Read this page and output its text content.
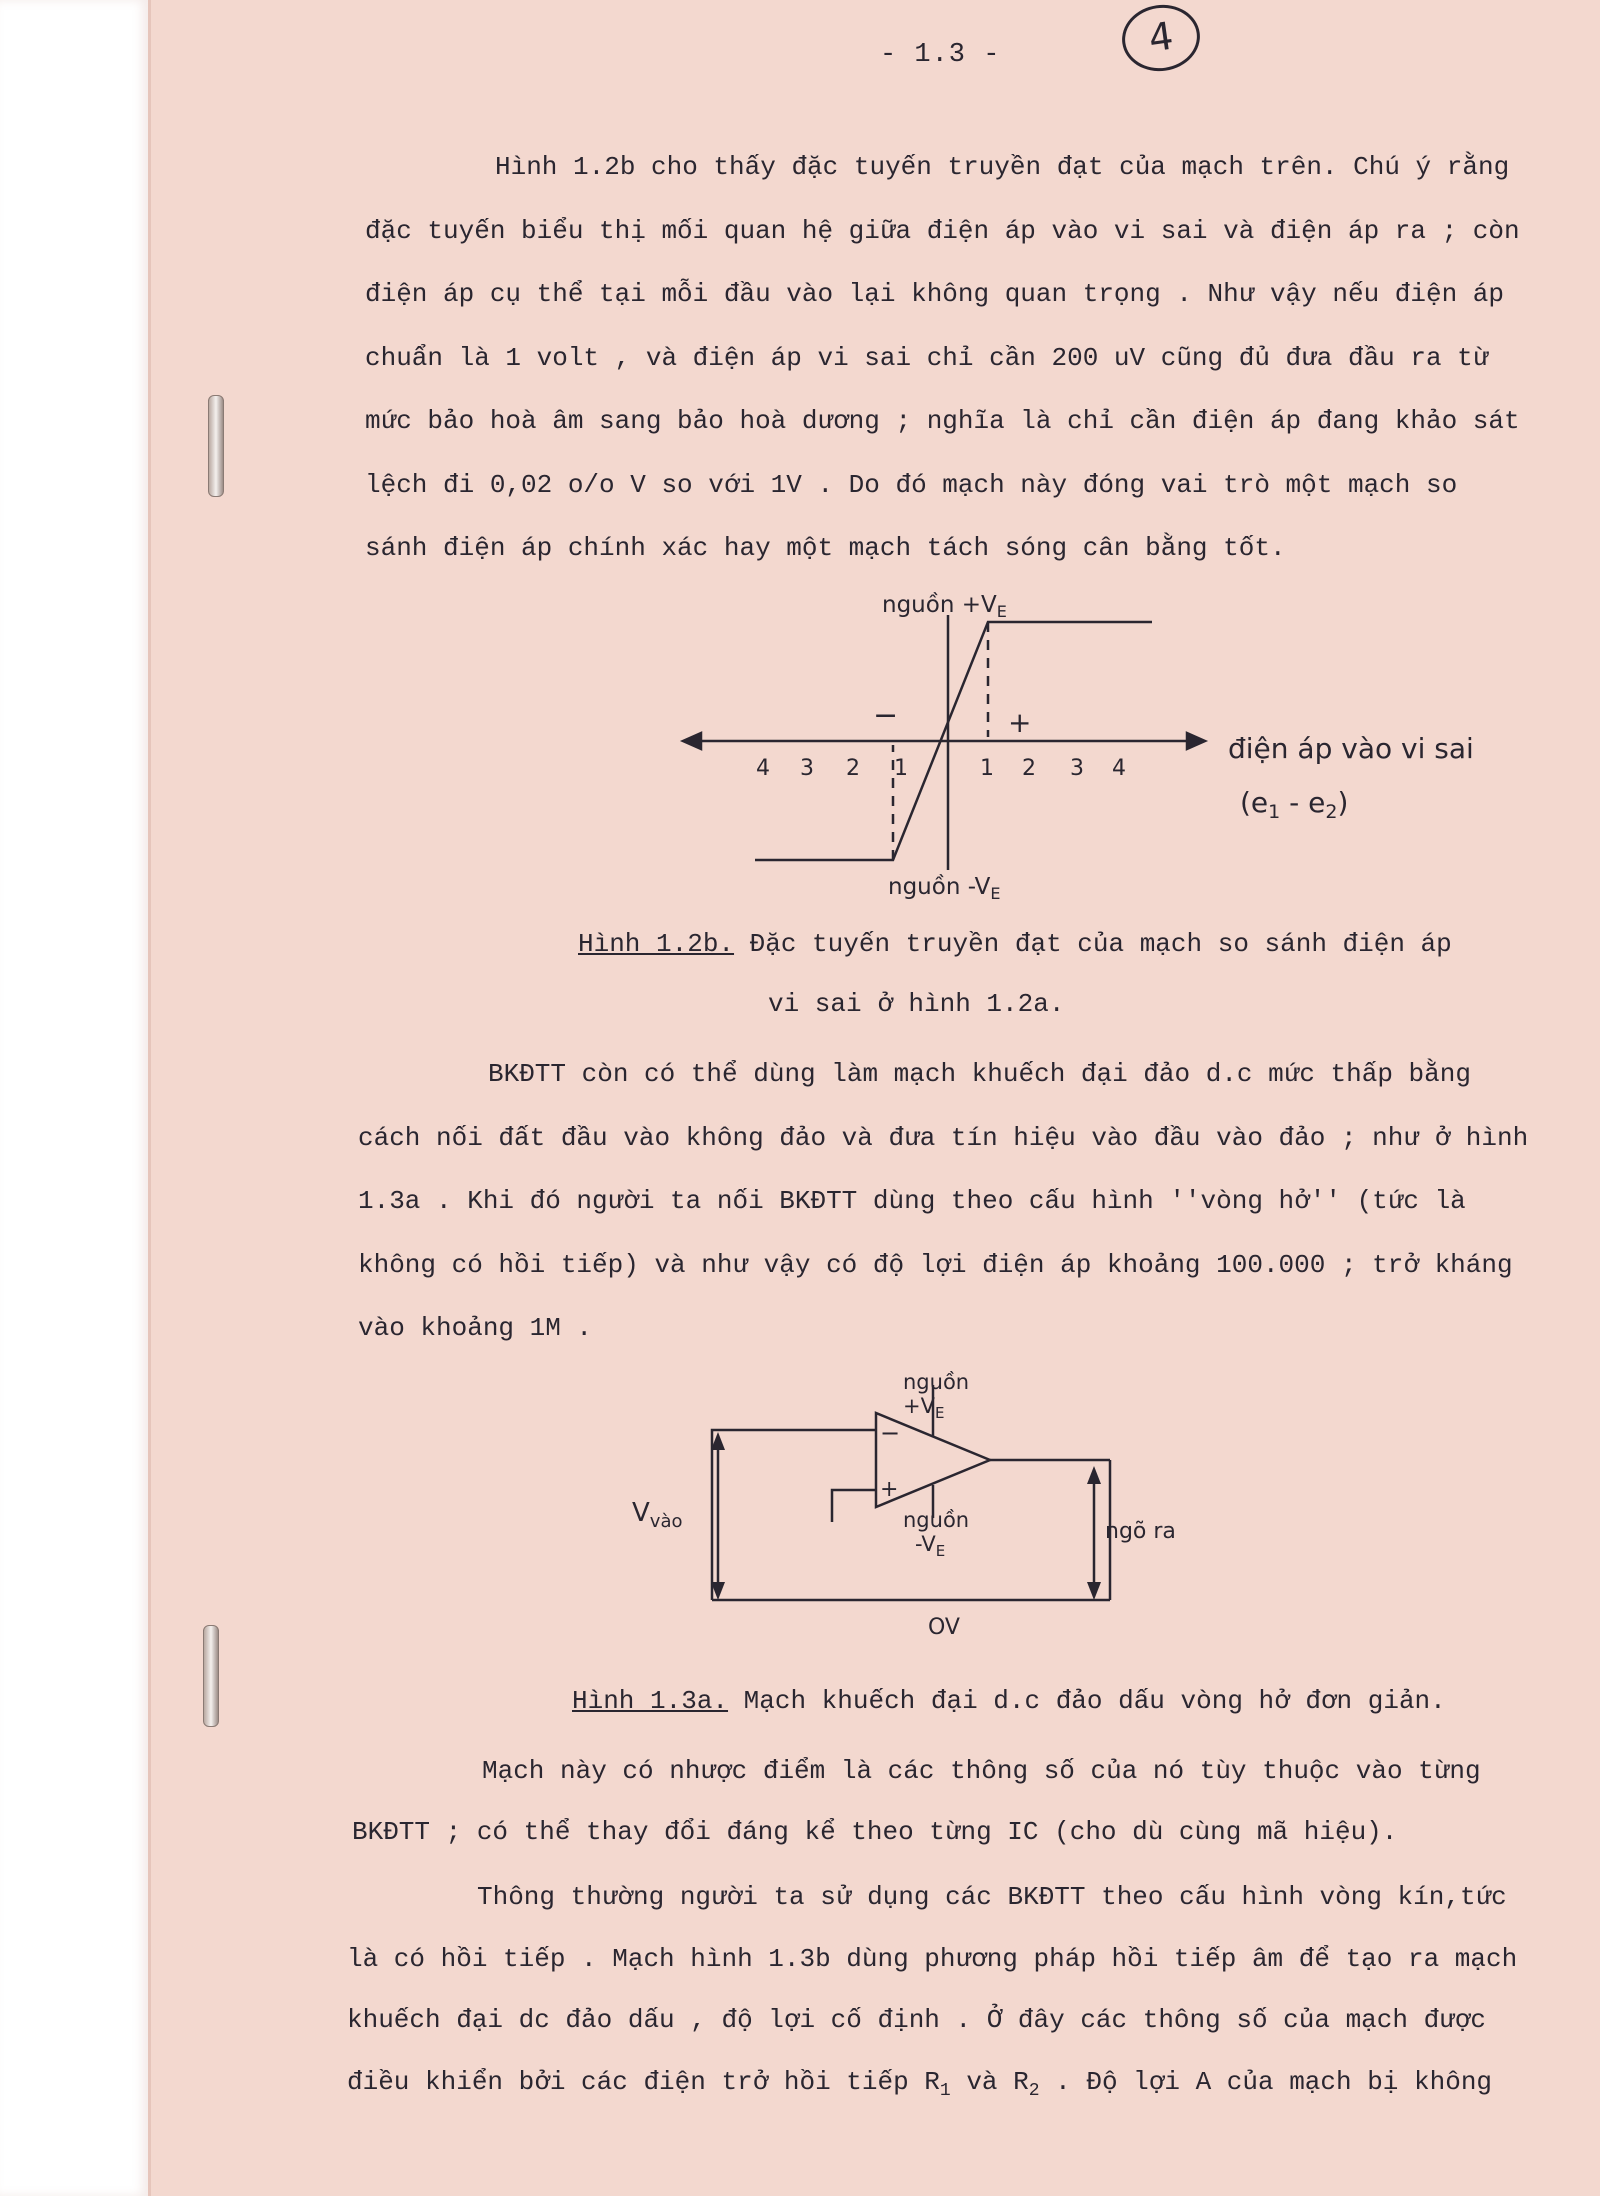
- 1.3 -	4

Hình 1.2b cho thấy đặc tuyến truyền đạt của mạch trên. Chú ý rằng
đặc tuyến biểu thị mối quan hệ giữa điện áp vào vi sai và điện áp ra ; còn
điện áp cụ thể tại mỗi đầu vào lại không quan trọng . Như vậy nếu điện áp
chuẩn là 1 volt , và điện áp vi sai chỉ cần 200 uV cũng đủ đưa đầu ra từ
mức bảo hoà âm sang bảo hoà dương ; nghĩa là chỉ cần điện áp đang khảo sát
lệch đi 0,02 o/o V so với 1V . Do đó mạch này đóng vai trò một mạch so
sánh điện áp chính xác hay một mạch tách sóng cân bằng tốt.

nguồn $+V_E$
nguồn $-V_E$
−	+
4 3 2 1	1 2 3 4
điện áp vào vi sai
$(e_1 - e_2)$
Hình 1.2b. Đặc tuyến truyền đạt của mạch so sánh điện áp
vi sai ở hình 1.2a.

BKĐTT còn có thể dùng làm mạch khuếch đại đảo d.c mức thấp bằng
cách nối đất đầu vào không đảo và đưa tín hiệu vào đầu vào đảo ; như ở hình
1.3a . Khi đó người ta nối BKĐTT dùng theo cấu hình ''vòng hở'' (tức là
không có hồi tiếp) và như vậy có độ lợi điện áp khoảng 100.000 ; trở kháng
vào khoảng 1M .

−
+
nguồn
$+V_E$
nguồn
$-V_E$
$V_{vào}$	ngõ ra
OV
Hình 1.3a. Mạch khuếch đại d.c đảo dấu vòng hở đơn giản.

Mạch này có nhược điểm là các thông số của nó tùy thuộc vào từng
BKĐTT ; có thể thay đổi đáng kể theo từng IC (cho dù cùng mã hiệu).

Thông thường người ta sử dụng các BKĐTT theo cấu hình vòng kín,tức
là có hồi tiếp . Mạch hình 1.3b dùng phương pháp hồi tiếp âm để tạo ra mạch
khuếch đại dc đảo dấu , độ lợi cố định . Ở đây các thông số của mạch được
điều khiển bởi các điện trở hồi tiếp $R_1$ và $R_2$ . Độ lợi A của mạch bị không
